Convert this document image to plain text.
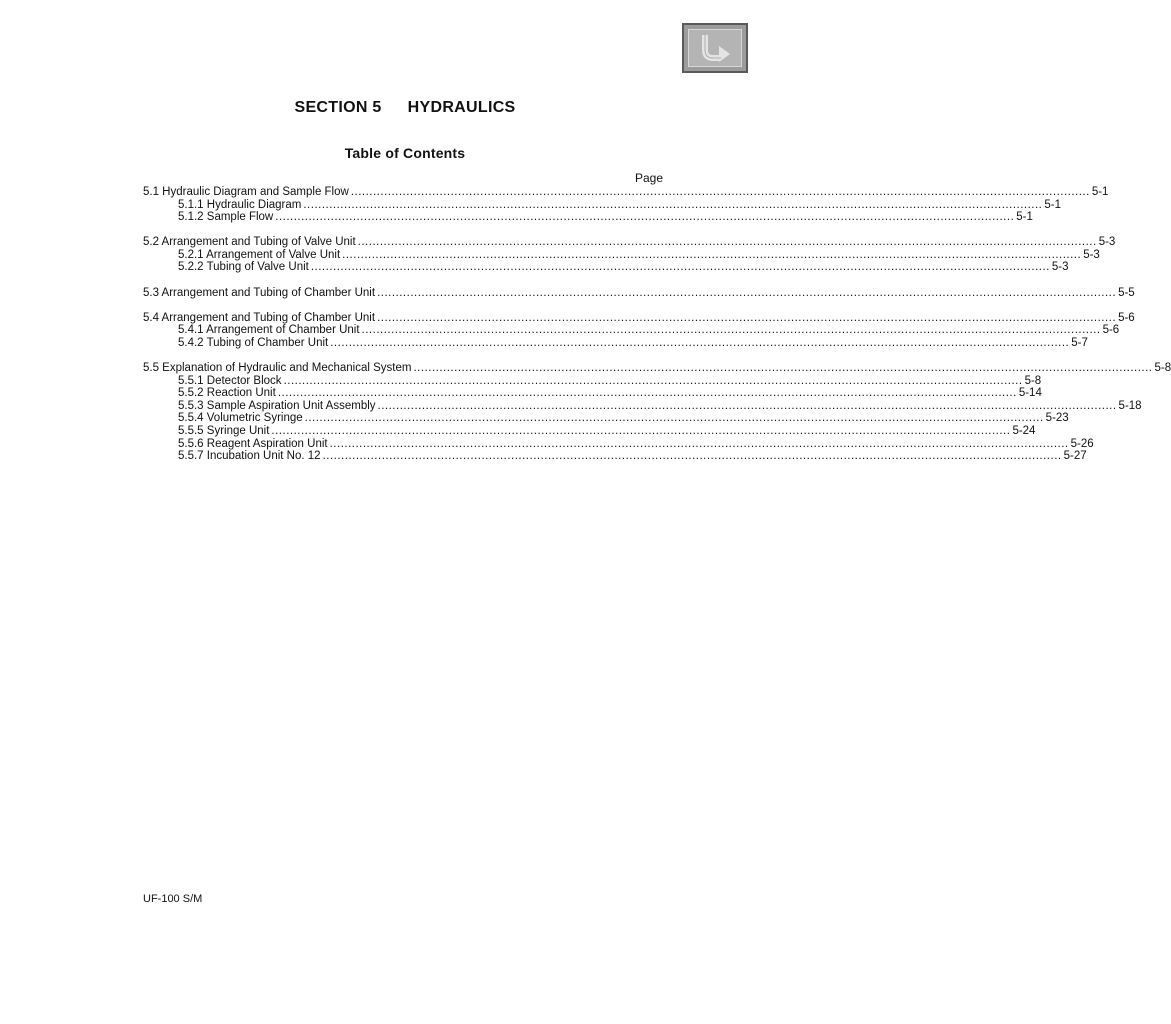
SECTION 5 HYDRAULICS
Table of Contents
Page
5.1 Hydraulic Diagram and Sample Flow ........................................................................................................................................................................................................ 5-1
5.1.1 Hydraulic Diagram ........................................................................................................................................................................................................ 5-1
5.1.2 Sample Flow ........................................................................................................................................................................................................ 5-1
5.2 Arrangement and Tubing of Valve Unit ........................................................................................................................................................................................................ 5-3
5.2.1 Arrangement of Valve Unit ........................................................................................................................................................................................................ 5-3
5.2.2 Tubing of Valve Unit ........................................................................................................................................................................................................ 5-3
5.3 Arrangement and Tubing of Chamber Unit ........................................................................................................................................................................................................ 5-5
5.4 Arrangement and Tubing of Chamber Unit ........................................................................................................................................................................................................ 5-6
5.4.1 Arrangement of Chamber Unit ........................................................................................................................................................................................................ 5-6
5.4.2 Tubing of Chamber Unit ........................................................................................................................................................................................................ 5-7
5.5 Explanation of Hydraulic and Mechanical System ........................................................................................................................................................................................................ 5-8
5.5.1 Detector Block ........................................................................................................................................................................................................ 5-8
5.5.2 Reaction Unit ........................................................................................................................................................................................................ 5-14
5.5.3 Sample Aspiration Unit Assembly ........................................................................................................................................................................................................ 5-18
5.5.4 Volumetric Syringe ........................................................................................................................................................................................................ 5-23
5.5.5 Syringe Unit ........................................................................................................................................................................................................ 5-24
5.5.6 Reagent Aspiration Unit ........................................................................................................................................................................................................ 5-26
5.5.7 Incubation Unit No. 12 ........................................................................................................................................................................................................ 5-27
UF-100 S/M
